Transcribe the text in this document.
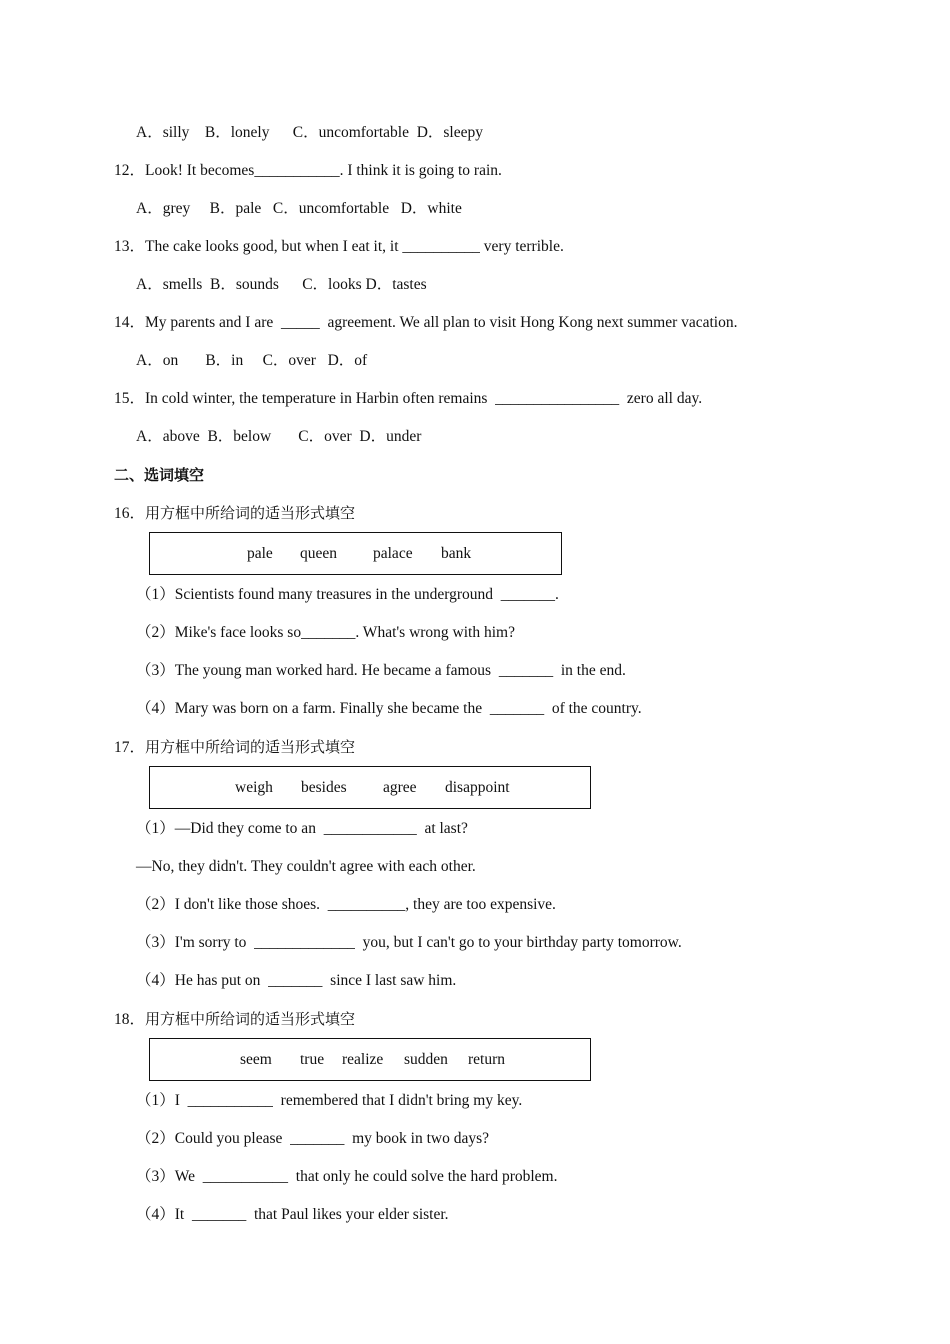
A．silly    B．lonely      C．uncomfortable  D．sleepy
12．Look! It becomes___________. I think it is going to rain.
A．grey     B．pale   C．uncomfortable   D．white
13．The cake looks good, but when I eat it, it __________ very terrible.
A．smells  B．sounds      C．looks D．tastes
14．My parents and I are  _____  agreement. We all plan to visit Hong Kong next summer vacation.
A．on       B．in     C．over   D．of
15．In cold winter, the temperature in Harbin often remains  ________________  zero all day.
A．above  B．below       C．over  D．under
二、选词填空
16．用方框中所给词的适当形式填空
pale queen palace bank
（1）Scientists found many treasures in the underground  _______.
（2）Mike's face looks so_______. What's wrong with him?
（3）The young man worked hard. He became a famous  _______  in the end.
（4）Mary was born on a farm. Finally she became the  _______  of the country.
17．用方框中所给词的适当形式填空
weigh besides agree disappoint
（1）—Did they come to an  ____________  at last?
—No, they didn't. They couldn't agree with each other.
（2）I don't like those shoes.  __________, they are too expensive.
（3）I'm sorry to  _____________  you, but I can't go to your birthday party tomorrow.
（4）He has put on  _______  since I last saw him.
18．用方框中所给词的适当形式填空
seem true realize sudden return
（1）I  ___________  remembered that I didn't bring my key.
（2）Could you please  _______  my book in two days?
（3）We  ___________  that only he could solve the hard problem.
（4）It  _______  that Paul likes your elder sister.
